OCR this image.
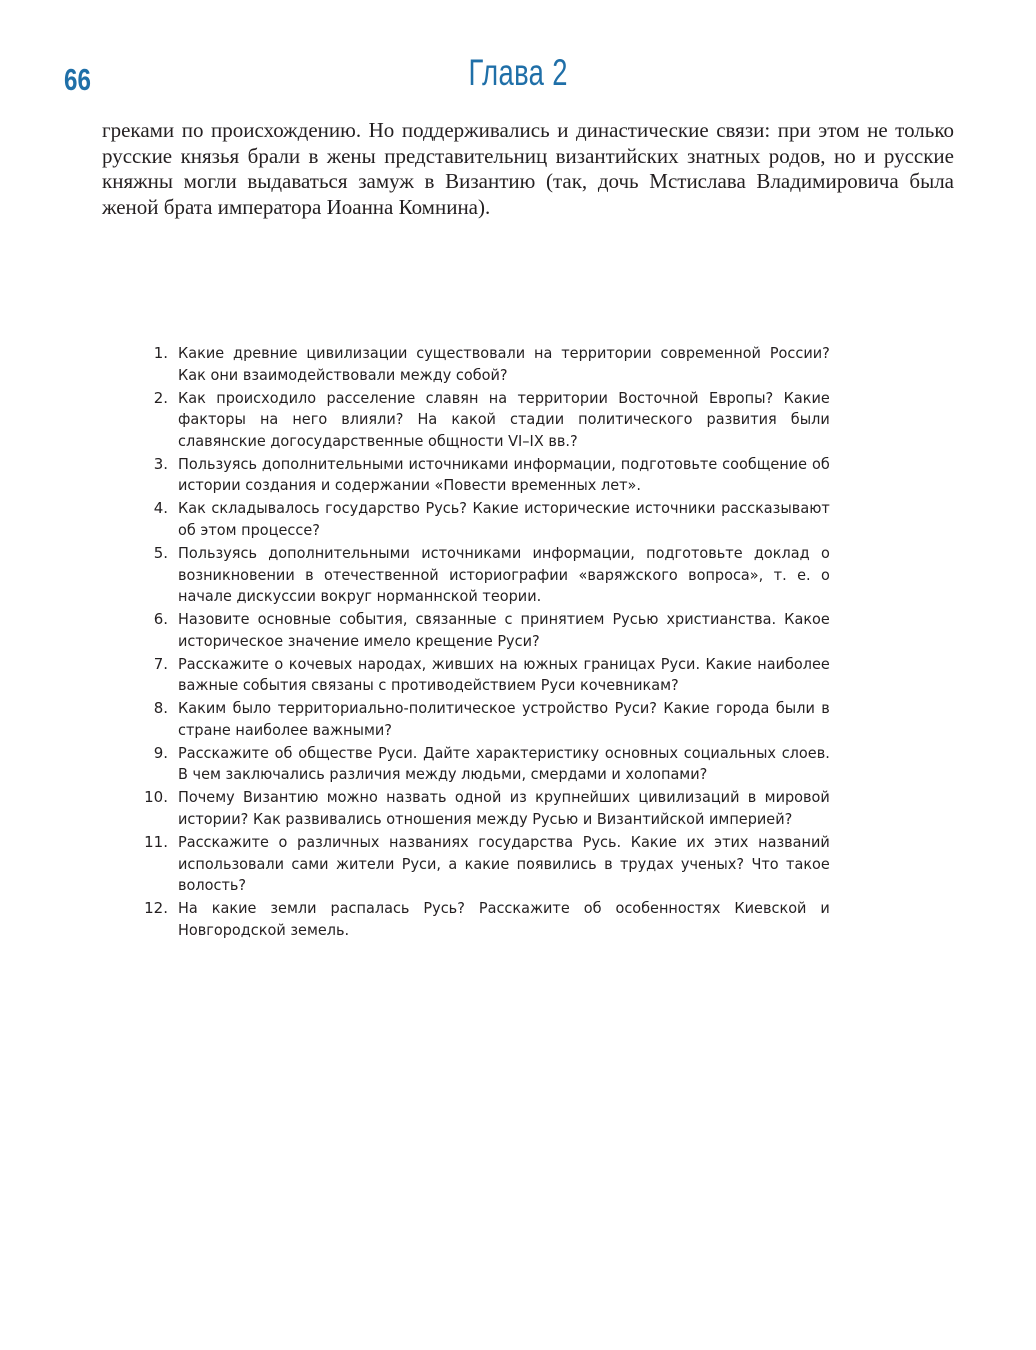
66	Глава 2

греками по происхождению. Но поддерживались и династические связи: при этом не только русские князья брали в жены представительниц византийских знатных родов, но и русские княжны могли выдаваться замуж в Византию (так, дочь Мстислава Владимировича была женой брата императора Иоанна Комнина).

1. Какие древние цивилизации существовали на территории современной России? Как они взаимодействовали между собой?
2. Как происходило расселение славян на территории Восточной Европы? Какие факторы на него влияли? На какой стадии политического развития были славянские догосударственные общности VI–IX вв.?
3. Пользуясь дополнительными источниками информации, подготовьте сообщение об истории создания и содержании «Повести временных лет».
4. Как складывалось государство Русь? Какие исторические источники рассказывают об этом процессе?
5. Пользуясь дополнительными источниками информации, подготовьте доклад о возникновении в отечественной историографии «варяжского вопроса», т. е. о начале дискуссии вокруг норманнской теории.
6. Назовите основные события, связанные с принятием Русью христианства. Какое историческое значение имело крещение Руси?
7. Расскажите о кочевых народах, живших на южных границах Руси. Какие наиболее важные события связаны с противодействием Руси кочевникам?
8. Каким было территориально-политическое устройство Руси? Какие города были в стране наиболее важными?
9. Расскажите об обществе Руси. Дайте характеристику основных социальных слоев. В чем заключались различия между людьми, смердами и холопами?
10. Почему Византию можно назвать одной из крупнейших цивилизаций в мировой истории? Как развивались отношения между Русью и Византийской империей?
11. Расскажите о различных названиях государства Русь. Какие их этих названий использовали сами жители Руси, а какие появились в трудах ученых? Что такое волость?
12. На какие земли распалась Русь? Расскажите об особенностях Киевской и Новгородской земель.
